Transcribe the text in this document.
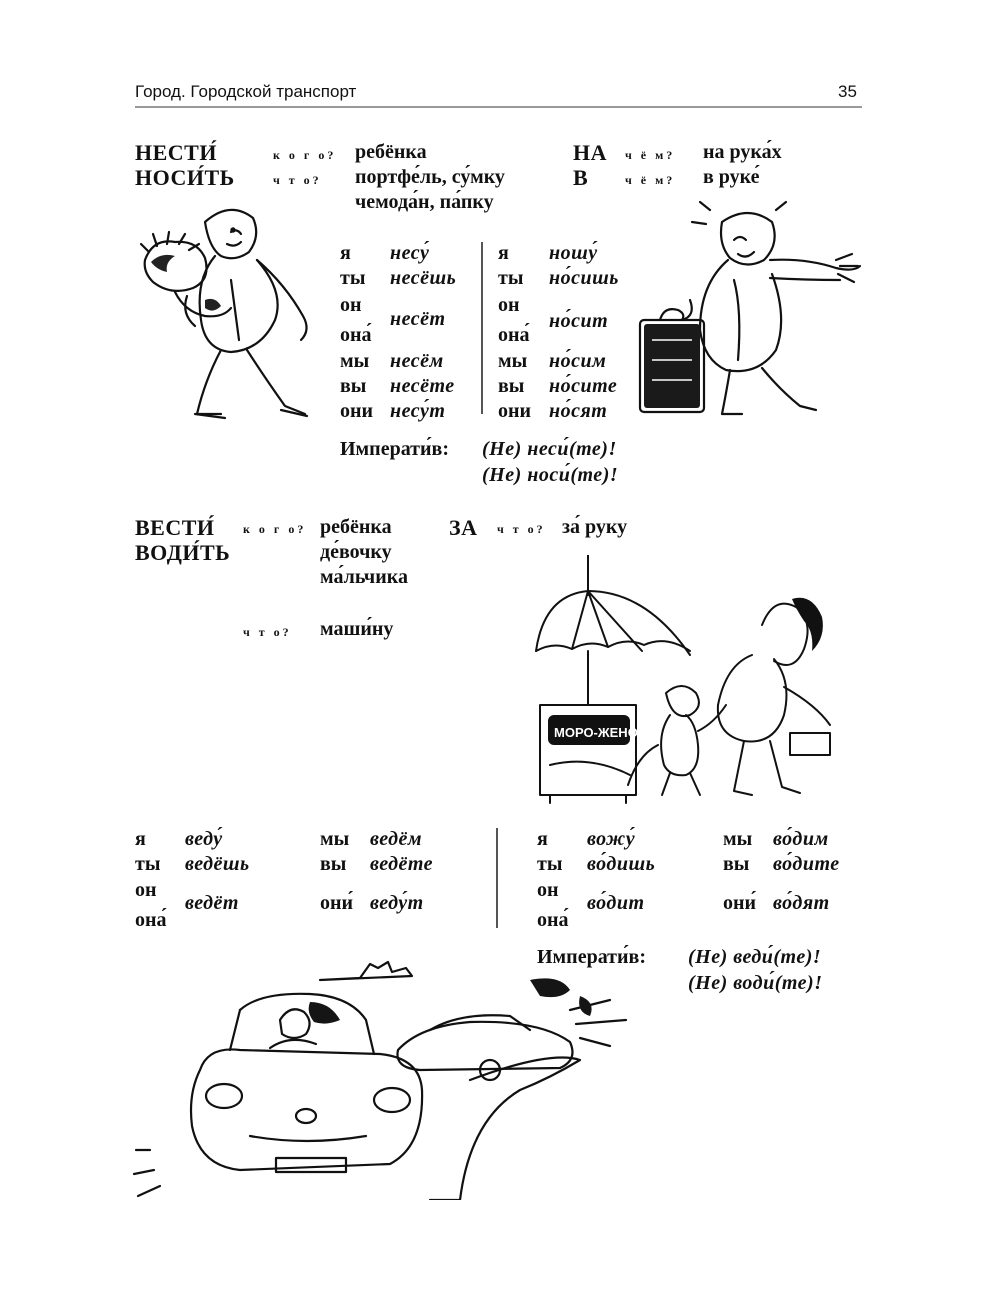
Город. Городской транспорт	35
НЕСТИ́
НОСИ́ТЬ
к о г о?
ч т о?
ребёнка
портфе́ль, су́мку
чемода́н, па́пку
НА
В
ч ё м?
ч ё м?
на рука́х
в руке́
я
ты
он
она́
мы
вы
они
несу́
несёшь
несёт
несём
несёте
несу́т
я
ты
он
она́
мы
вы
они
ношу́
но́сишь
но́сит
но́сим
но́сите
но́сят
Императи́в: (Не) неси́(те)!
(Не) носи́(те)!
ВЕСТИ́
ВОДИ́ТЬ
к о г о? ребёнка
де́вочку
ма́льчика
ч т о? маши́ну
ЗА ч т о? за́ руку
МОРО-ЖЕНОЕ
я
ты
он
она́
веду́
ведёшь
ведёт
мы
вы
они́
ведём
ведёте
веду́т
я
ты
он
она́
вожу́
во́дишь
во́дит
мы
вы
они́
во́дим
во́дите
во́дят
Императи́в: (Не) веди́(те)!
(Не) води́(те)!
